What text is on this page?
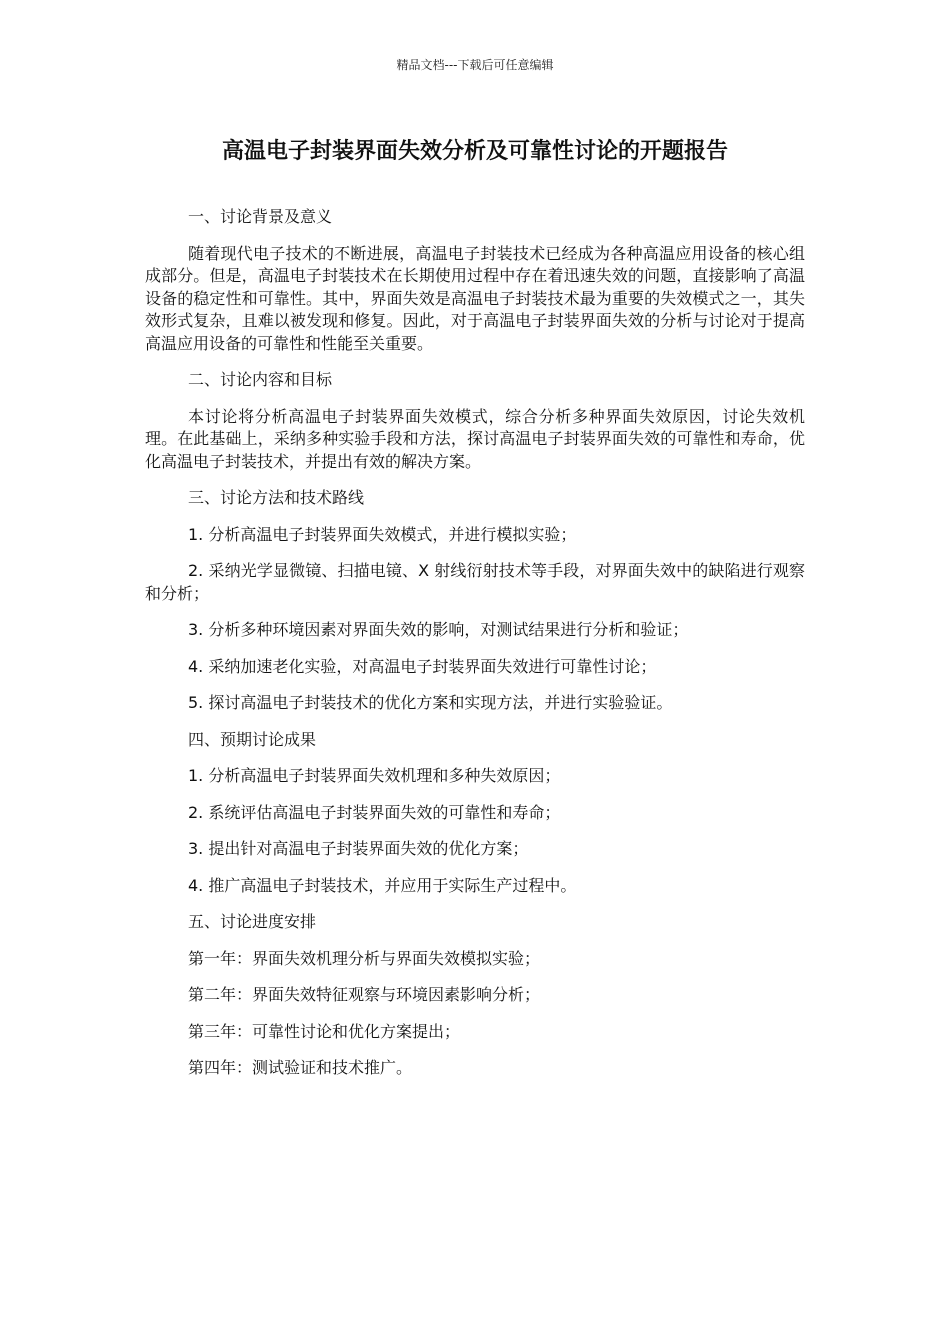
精品文档---下载后可任意编辑
高温电子封装界面失效分析及可靠性讨论的开题报告

一、讨论背景及意义

随着现代电子技术的不断进展，高温电子封装技术已经成为各种高温应用设备的核心组成部分。但是，高温电子封装技术在长期使用过程中存在着迅速失效的问题，直接影响了高温设备的稳定性和可靠性。其中，界面失效是高温电子封装技术最为重要的失效模式之一，其失效形式复杂，且难以被发现和修复。因此，对于高温电子封装界面失效的分析与讨论对于提高高温应用设备的可靠性和性能至关重要。

二、讨论内容和目标

本讨论将分析高温电子封装界面失效模式，综合分析多种界面失效原因，讨论失效机理。在此基础上，采纳多种实验手段和方法，探讨高温电子封装界面失效的可靠性和寿命，优化高温电子封装技术，并提出有效的解决方案。

三、讨论方法和技术路线

1. 分析高温电子封装界面失效模式，并进行模拟实验；

2. 采纳光学显微镜、扫描电镜、X 射线衍射技术等手段，对界面失效中的缺陷进行观察和分析；

3. 分析多种环境因素对界面失效的影响，对测试结果进行分析和验证；

4. 采纳加速老化实验，对高温电子封装界面失效进行可靠性讨论；

5. 探讨高温电子封装技术的优化方案和实现方法，并进行实验验证。

四、预期讨论成果

1. 分析高温电子封装界面失效机理和多种失效原因；

2. 系统评估高温电子封装界面失效的可靠性和寿命；

3. 提出针对高温电子封装界面失效的优化方案；

4. 推广高温电子封装技术，并应用于实际生产过程中。

五、讨论进度安排

第一年：界面失效机理分析与界面失效模拟实验；

第二年：界面失效特征观察与环境因素影响分析；

第三年：可靠性讨论和优化方案提出；

第四年：测试验证和技术推广。
